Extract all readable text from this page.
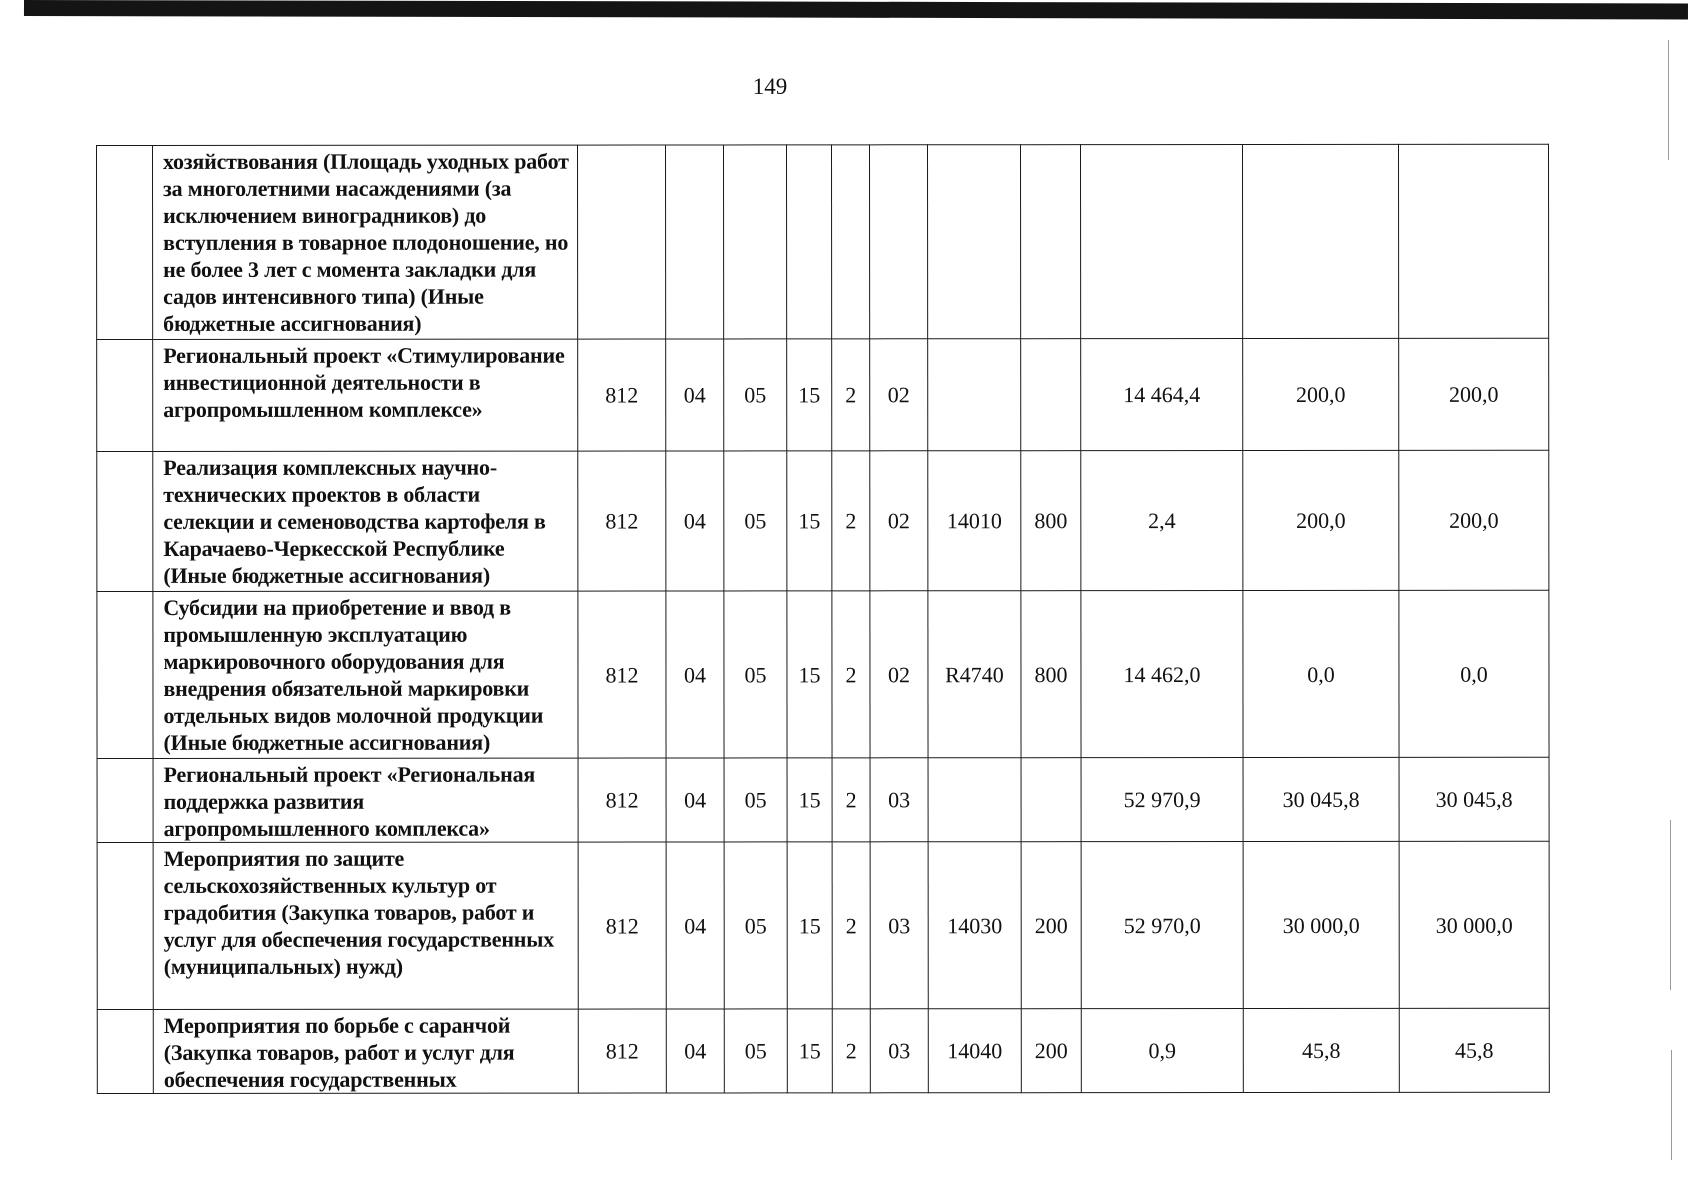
149
	хозяйствования (Площадь уходных работ за многолетними насаждениями (за исключением виноградников) до вступления в товарное плодоношение, но не более 3 лет с момента закладки для садов интенсивного типа) (Иные бюджетные ассигнования)											
	Региональный проект «Стимулирование инвестиционной деятельности в агропромышленном комплексе»	812	04	05	15	2	02			14 464,4	200,0	200,0
	Реализация комплексных научно-технических проектов в области селекции и семеноводства картофеля в Карачаево-Черкесской Республике (Иные бюджетные ассигнования)	812	04	05	15	2	02	14010	800	2,4	200,0	200,0
	Субсидии на приобретение и ввод в промышленную эксплуатацию маркировочного оборудования для внедрения обязательной маркировки отдельных видов молочной продукции (Иные бюджетные ассигнования)	812	04	05	15	2	02	R4740	800	14 462,0	0,0	0,0
	Региональный проект «Региональная поддержка развития агропромышленного комплекса»	812	04	05	15	2	03			52 970,9	30 045,8	30 045,8
	Мероприятия по защите сельскохозяйственных культур от градобития (Закупка товаров, работ и услуг для обеспечения государственных (муниципальных) нужд)	812	04	05	15	2	03	14030	200	52 970,0	30 000,0	30 000,0
	Мероприятия по борьбе с саранчой (Закупка товаров, работ и услуг для обеспечения государственных	812	04	05	15	2	03	14040	200	0,9	45,8	45,8
